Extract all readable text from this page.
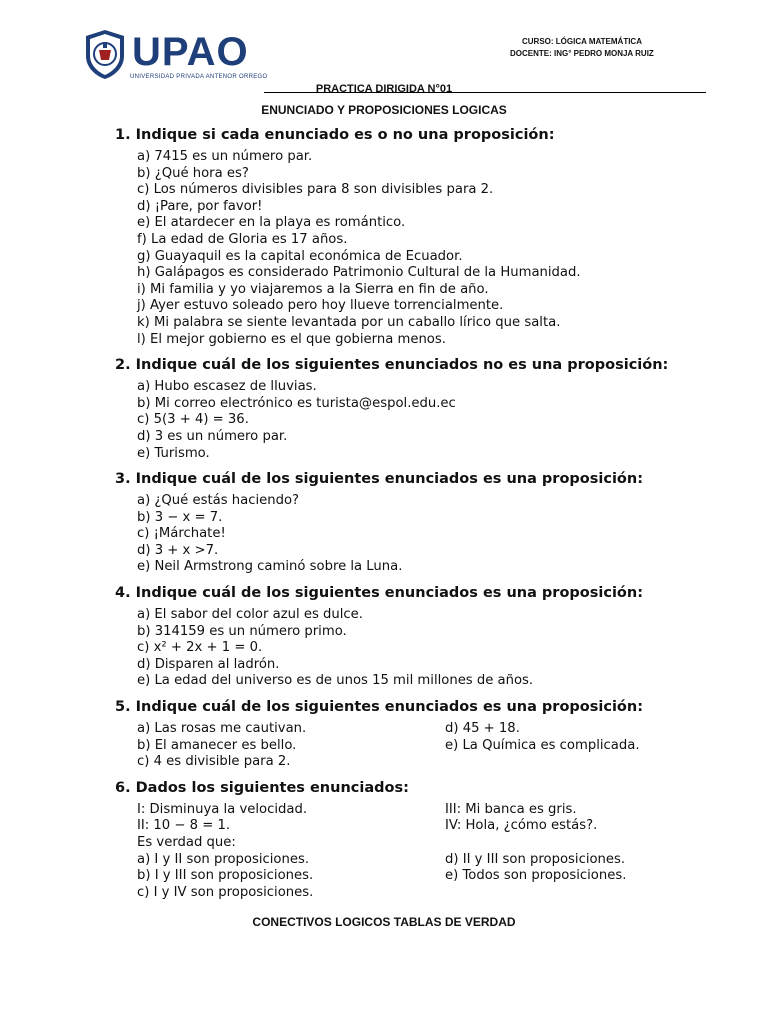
UPAO
UNIVERSIDAD PRIVADA ANTENOR ORREGO
CURSO: LÓGICA MATEMÁTICA
DOCENTE: ING° PEDRO MONJA RUIZ
PRACTICA DIRIGIDA N°01
ENUNCIADO Y PROPOSICIONES LOGICAS
1. Indique si cada enunciado es o no una proposición:
a) 7415 es un número par.
b) ¿Qué hora es?
c) Los números divisibles para 8 son divisibles para 2.
d) ¡Pare, por favor!
e) El atardecer en la playa es romántico.
f) La edad de Gloria es 17 años.
g) Guayaquil es la capital económica de Ecuador.
h) Galápagos es considerado Patrimonio Cultural de la Humanidad.
i) Mi familia y yo viajaremos a la Sierra en fin de año.
j) Ayer estuvo soleado pero hoy llueve torrencialmente.
k) Mi palabra se siente levantada por un caballo lírico que salta.
l) El mejor gobierno es el que gobierna menos.
2. Indique cuál de los siguientes enunciados no es una proposición:
a) Hubo escasez de lluvias.
b) Mi correo electrónico es turista@espol.edu.ec
c) 5(3 + 4) = 36.
d) 3 es un número par.
e) Turismo.
3. Indique cuál de los siguientes enunciados es una proposición:
a) ¿Qué estás haciendo?
b) 3 − x = 7.
c) ¡Márchate!
d) 3 + x >7.
e) Neil Armstrong caminó sobre la Luna.
4. Indique cuál de los siguientes enunciados es una proposición:
a) El sabor del color azul es dulce.
b) 314159 es un número primo.
c) x² + 2x + 1 = 0.
d) Disparen al ladrón.
e) La edad del universo es de unos 15 mil millones de años.
5. Indique cuál de los siguientes enunciados es una proposición:
a) Las rosas me cautivan.
b) El amanecer es bello.
c) 4 es divisible para 2.
d) 45 + 18.
e) La Química es complicada.
6. Dados los siguientes enunciados:
I: Disminuya la velocidad.
II: 10 − 8 = 1.
Es verdad que:
a) I y II son proposiciones.
b) I y III son proposiciones.
c) I y IV son proposiciones.
III: Mi banca es gris.
IV: Hola, ¿cómo estás?.

d) II y III son proposiciones.
e) Todos son proposiciones.
CONECTIVOS LOGICOS TABLAS DE VERDAD
